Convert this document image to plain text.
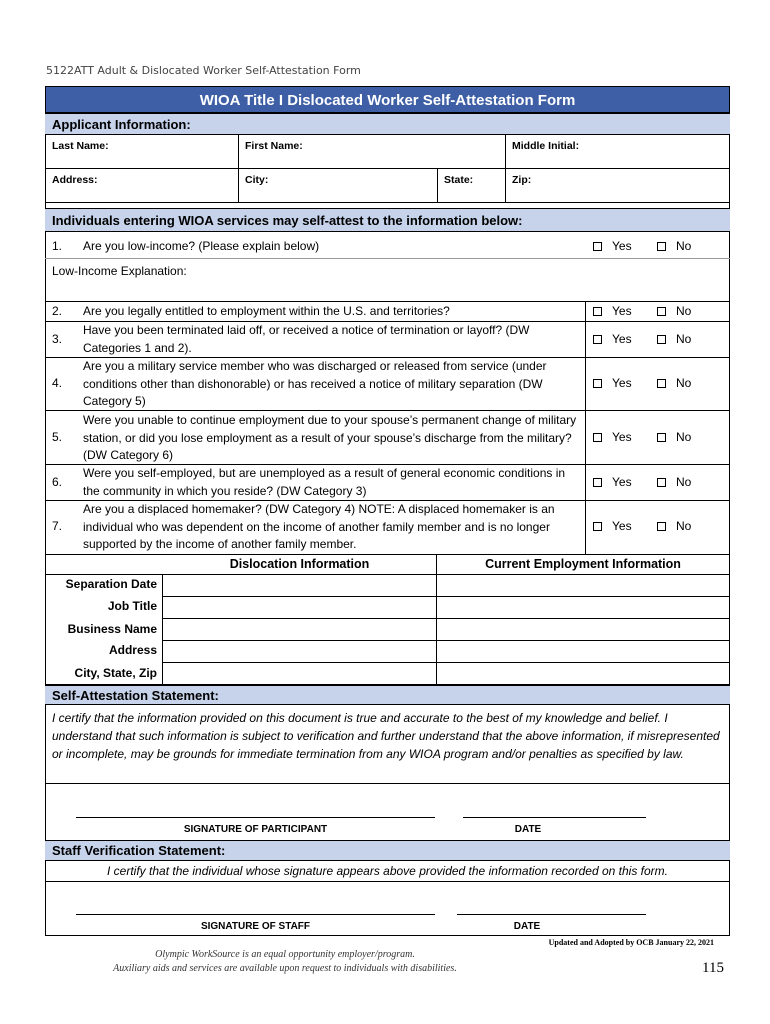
5122ATT Adult & Dislocated Worker Self-Attestation Form
WIOA Title I Dislocated Worker Self-Attestation Form
Applicant Information:
Last Name:	First Name:	Middle Initial:
Address:	City:	State:	Zip:
Individuals entering WIOA services may self-attest to the information below:
1. Are you low-income? (Please explain below)	Yes	No
Low-Income Explanation:
2. Are you legally entitled to employment within the U.S. and territories?	Yes	No
3.
Have you been terminated laid off, or received a notice of termination or layoff? (DW Categories 1 and 2).
Yes	No
4.
Are you a military service member who was discharged or released from service (under conditions other than dishonorable) or has received a notice of military separation (DW Category 5)
Yes	No
5.
Were you unable to continue employment due to your spouse’s permanent change of military station, or did you lose employment as a result of your spouse’s discharge from the military? (DW Category 6)
Yes	No
6.
Were you self-employed, but are unemployed as a result of general economic conditions in the community in which you reside? (DW Category 3)
Yes	No
7.
Are you a displaced homemaker? (DW Category 4) NOTE: A displaced homemaker is an individual who was dependent on the income of another family member and is no longer supported by the income of another family member.
Yes	No
Dislocation Information	Current Employment Information
Separation Date
Job Title
Business Name
Address
City, State, Zip
Self-Attestation Statement:
I certify that the information provided on this document is true and accurate to the best of my knowledge and belief. I understand that such information is subject to verification and further understand that the above information, if misrepresented or incomplete, may be grounds for immediate termination from any WIOA program and/or penalties as specified by law.
SIGNATURE OF PARTICIPANT	DATE
Staff Verification Statement:
I certify that the individual whose signature appears above provided the information recorded on this form.
SIGNATURE OF STAFF	DATE
Updated and Adopted by OCB January 22, 2021
Olympic WorkSource is an equal opportunity employer/program.
Auxiliary aids and services are available upon request to individuals with disabilities.	115
